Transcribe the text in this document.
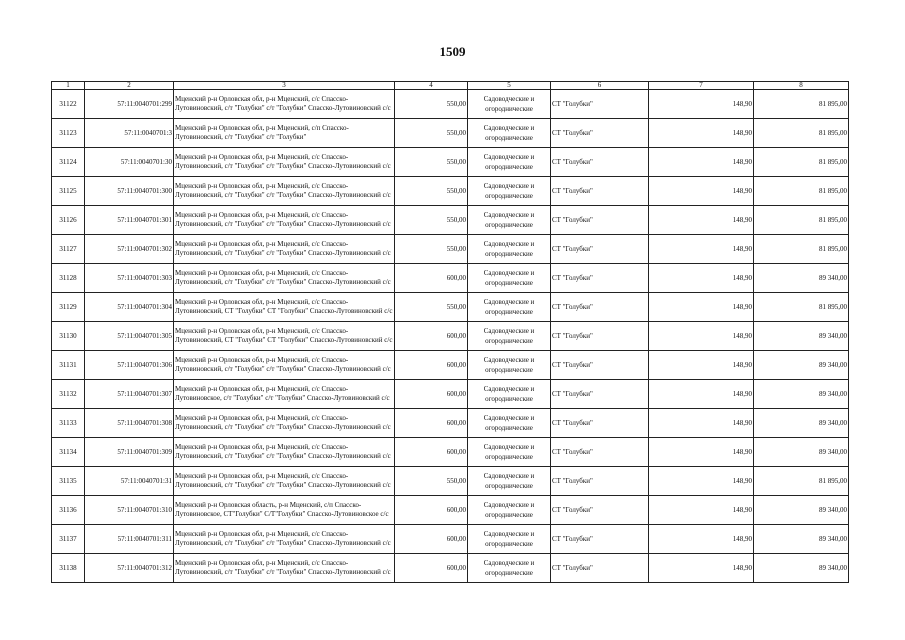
1509
1	2	3	4	5	6	7	8
31122	57:11:0040701:299	Мценский р-н Орловская обл, р-н Мценский, с/с Спасско-Лутовиновский, с/т "Голубки" с/т "Голубки" Спасско-Лутовиновский с/с	550,00	Садоводческие и огороднические	СТ "Голубки"	148,90	81 895,00
31123	57:11:0040701:3	Мценский р-н Орловская обл, р-н Мценский, с/п Спасско-Лутовиновский, с/т "Голубки" с/т "Голубки"	550,00	Садоводческие и огороднические	СТ "Голубки"	148,90	81 895,00
31124	57:11:0040701:30	Мценский р-н Орловская обл, р-н Мценский, с/с Спасско-Лутовиновский, с/т "Голубки" с/т "Голубки" Спасско-Лутовиновский с/с	550,00	Садоводческие и огороднические	СТ "Голубки"	148,90	81 895,00
31125	57:11:0040701:300	Мценский р-н Орловская обл, р-н Мценский, с/с Спасско-Лутовиновский, с/т "Голубки" с/т "Голубки" Спасско-Лутовиновский с/с	550,00	Садоводческие и огороднические	СТ "Голубки"	148,90	81 895,00
31126	57:11:0040701:301	Мценский р-н Орловская обл, р-н Мценский, с/с Спасско-Лутовиновский, с/т "Голубки" с/т "Голубки" Спасско-Лутовиновский с/с	550,00	Садоводческие и огороднические	СТ "Голубки"	148,90	81 895,00
31127	57:11:0040701:302	Мценский р-н Орловская обл, р-н Мценский, с/с Спасско-Лутовиновский, с/т "Голубки" с/т "Голубки" Спасско-Лутовиновский с/с	550,00	Садоводческие и огороднические	СТ "Голубки"	148,90	81 895,00
31128	57:11:0040701:303	Мценский р-н Орловская обл, р-н Мценский, с/с Спасско-Лутовиновский, с/т "Голубки" с/т "Голубки" Спасско-Лутовиновский с/с	600,00	Садоводческие и огороднические	СТ "Голубки"	148,90	89 340,00
31129	57:11:0040701:304	Мценский р-н Орловская обл, р-н Мценский, с/с Спасско-Лутовиновский, СТ "Голубки" СТ "Голубки" Спасско-Лутовиновский с/с	550,00	Садоводческие и огороднические	СТ "Голубки"	148,90	81 895,00
31130	57:11:0040701:305	Мценский р-н Орловская обл, р-н Мценский, с/с Спасско-Лутовиновский, СТ "Голубки" СТ "Голубки" Спасско-Лутовиновский с/с	600,00	Садоводческие и огороднические	СТ "Голубки"	148,90	89 340,00
31131	57:11:0040701:306	Мценский р-н Орловская обл, р-н Мценский, с/с Спасско-Лутовиновский, с/т "Голубки" с/т "Голубки" Спасско-Лутовиновский с/с	600,00	Садоводческие и огороднические	СТ "Голубки"	148,90	89 340,00
31132	57:11:0040701:307	Мценский р-н Орловская обл, р-н Мценский, с/с Спасско-Лутовиновское, с/т "Голубки" с/т "Голубки" Спасско-Лутовиновский с/с	600,00	Садоводческие и огороднические	СТ "Голубки"	148,90	89 340,00
31133	57:11:0040701:308	Мценский р-н Орловская обл, р-н Мценский, с/с Спасско-Лутовиновский, с/т "Голубки" с/т "Голубки" Спасско-Лутовиновский с/с	600,00	Садоводческие и огороднические	СТ "Голубки"	148,90	89 340,00
31134	57:11:0040701:309	Мценский р-н Орловская обл, р-н Мценский, с/с Спасско-Лутовиновский, с/т "Голубки" с/т "Голубки" Спасско-Лутовиновский с/с	600,00	Садоводческие и огороднические	СТ "Голубки"	148,90	89 340,00
31135	57:11:0040701:31	Мценский р-н Орловская обл, р-н Мценский, с/с Спасско-Лутовиновский, с/т "Голубки" с/т "Голубки" Спасско-Лутовиновский с/с	550,00	Садоводческие и огороднические	СТ "Голубки"	148,90	81 895,00
31136	57:11:0040701:310	Мценский р-н Орловская область, р-н Мценский, с/п Спасско-Лутовиновское, СТ"Голубки" С/Т"Голубки" Спасско-Лутовиновское с/с	600,00	Садоводческие и огороднические	СТ "Голубки"	148,90	89 340,00
31137	57:11:0040701:311	Мценский р-н Орловская обл, р-н Мценский, с/с Спасско-Лутовиновский, с/т "Голубки" с/т "Голубки" Спасско-Лутовиновский с/с	600,00	Садоводческие и огороднические	СТ "Голубки"	148,90	89 340,00
31138	57:11:0040701:312	Мценский р-н Орловская обл, р-н Мценский, с/с Спасско-Лутовиновский, с/т "Голубки" с/т "Голубки" Спасско-Лутовиновский с/с	600,00	Садоводческие и огороднические	СТ "Голубки"	148,90	89 340,00
